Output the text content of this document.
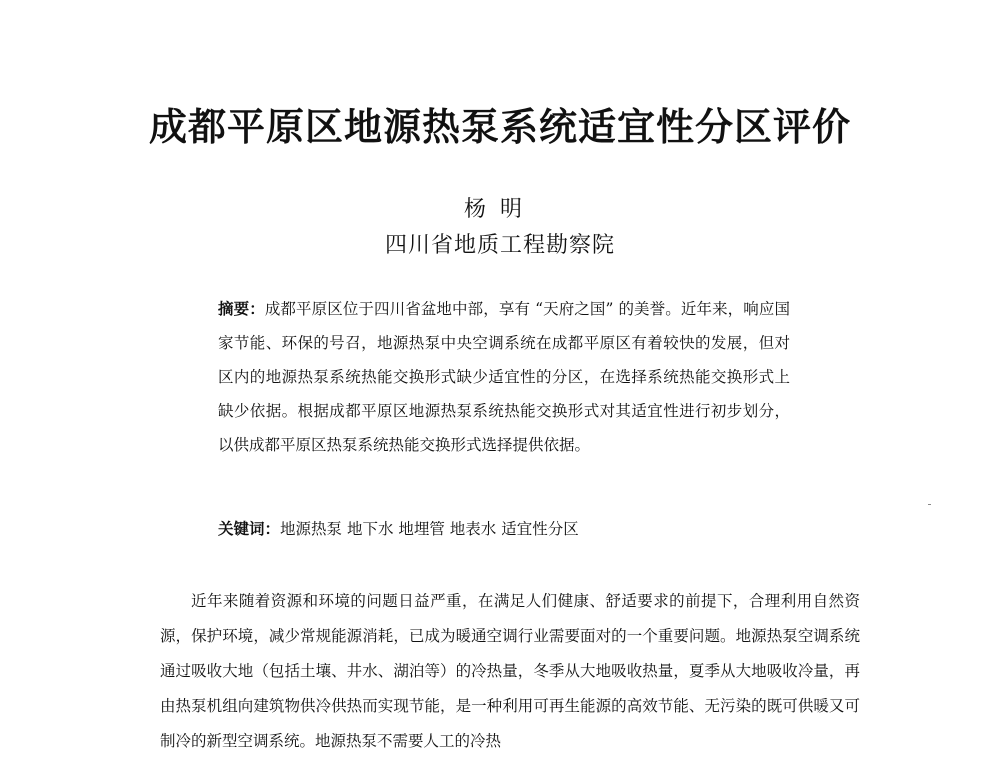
成都平原区地源热泵系统适宜性分区评价
杨明
四川省地质工程勘察院

摘要：成都平原区位于四川省盆地中部，享有 “天府之国” 的美誉。近年来，响应国家节能、环保的号召，地源热泵中央空调系统在成都平原区有着较快的发展，但对区内的地源热泵系统热能交换形式缺少适宜性的分区，在选择系统热能交换形式上缺少依据。根据成都平原区地源热泵系统热能交换形式对其适宜性进行初步划分，以供成都平原区热泵系统热能交换形式选择提供依据。

关键词：地源热泵 地下水 地埋管 地表水 适宜性分区

近年来随着资源和环境的问题日益严重，在满足人们健康、舒适要求的前提下，合理利用自然资源，保护环境，减少常规能源消耗，已成为暖通空调行业需要面对的一个重要问题。地源热泵空调系统通过吸收大地（包括土壤、井水、湖泊等）的冷热量，冬季从大地吸收热量，夏季从大地吸收冷量，再由热泵机组向建筑物供冷供热而实现节能，是一种利用可再生能源的高效节能、无污染的既可供暖又可制冷的新型空调系统。地源热泵不需要人工的冷热
